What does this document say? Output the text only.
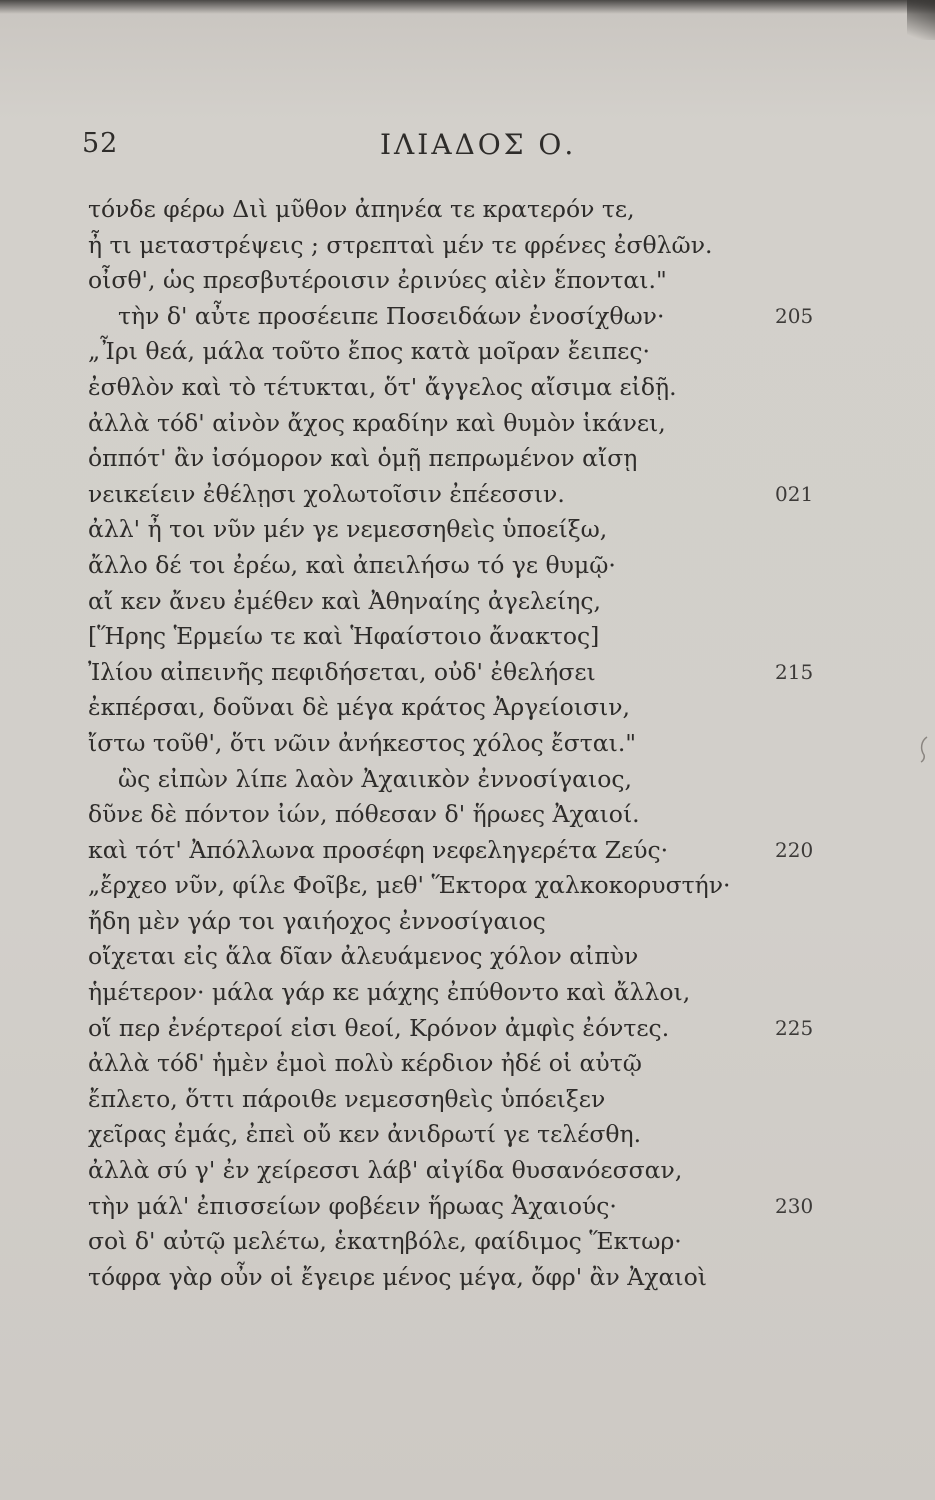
52	ΙΛΙΑΔΟΣ Ο.
τόνδε φέρω Διὶ μῦθον ἀπηνέα τε κρατερόν τε,
ἦ τι μεταστρέψεις ; στρεπταὶ μέν τε φρένες ἐσθλῶν.
οἶσθ', ὡς πρεσβυτέροισιν ἐρινύες αἰὲν ἕπονται."
τὴν δ' αὖτε προσέειπε Ποσειδάων ἐνοσίχθων·	205
„Ἶρι θεά, μάλα τοῦτο ἔπος κατὰ μοῖραν ἔειπες·
ἐσθλὸν καὶ τὸ τέτυκται, ὅτ' ἄγγελος αἴσιμα εἰδῇ.
ἀλλὰ τόδ' αἰνὸν ἄχος κραδίην καὶ θυμὸν ἱκάνει,
ὁππότ' ἂν ἰσόμορον καὶ ὁμῇ πεπρωμένον αἴσῃ
νεικείειν ἐθέλῃσι χολωτοῖσιν ἐπέεσσιν.	021
ἀλλ' ἦ τοι νῦν μέν γε νεμεσσηθεὶς ὑποείξω,
ἄλλο δέ τοι ἐρέω, καὶ ἀπειλήσω τό γε θυμῷ·
αἴ κεν ἄνευ ἐμέθεν καὶ Ἀθηναίης ἀγελείης,
[Ἥρης Ἑρμείω τε καὶ Ἡφαίστοιο ἄνακτος]
Ἰλίου αἰπεινῆς πεφιδήσεται, οὐδ' ἐθελήσει	215
ἐκπέρσαι, δοῦναι δὲ μέγα κράτος Ἀργείοισιν,
ἴστω τοῦθ', ὅτι νῶιν ἀνήκεστος χόλος ἔσται."
ὣς εἰπὼν λίπε λαὸν Ἀχαιικὸν ἐννοσίγαιος,
δῦνε δὲ πόντον ἰών, πόθεσαν δ' ἥρωες Ἀχαιοί.
καὶ τότ' Ἀπόλλωνα προσέφη νεφεληγερέτα Ζεύς·	220
„ἔρχεο νῦν, φίλε Φοῖβε, μεθ' Ἕκτορα χαλκοκορυστήν·
ἤδη μὲν γάρ τοι γαιήοχος ἐννοσίγαιος
οἴχεται εἰς ἅλα δῖαν ἀλευάμενος χόλον αἰπὺν
ἡμέτερον· μάλα γάρ κε μάχης ἐπύθοντο καὶ ἄλλοι,
οἵ περ ἐνέρτεροί εἰσι θεοί, Κρόνον ἀμφὶς ἐόντες.	225
ἀλλὰ τόδ' ἡμὲν ἐμοὶ πολὺ κέρδιον ἠδέ οἱ αὐτῷ
ἔπλετο, ὅττι πάροιθε νεμεσσηθεὶς ὑπόειξεν
χεῖρας ἐμάς, ἐπεὶ οὔ κεν ἀνιδρωτί γε τελέσθη.
ἀλλὰ σύ γ' ἐν χείρεσσι λάβ' αἰγίδα θυσανόεσσαν,
τὴν μάλ' ἐπισσείων φοβέειν ἥρωας Ἀχαιούς·	230
σοὶ δ' αὐτῷ μελέτω, ἑκατηβόλε, φαίδιμος Ἕκτωρ·
τόφρα γὰρ οὖν οἱ ἔγειρε μένος μέγα, ὄφρ' ἂν Ἀχαιοὶ
